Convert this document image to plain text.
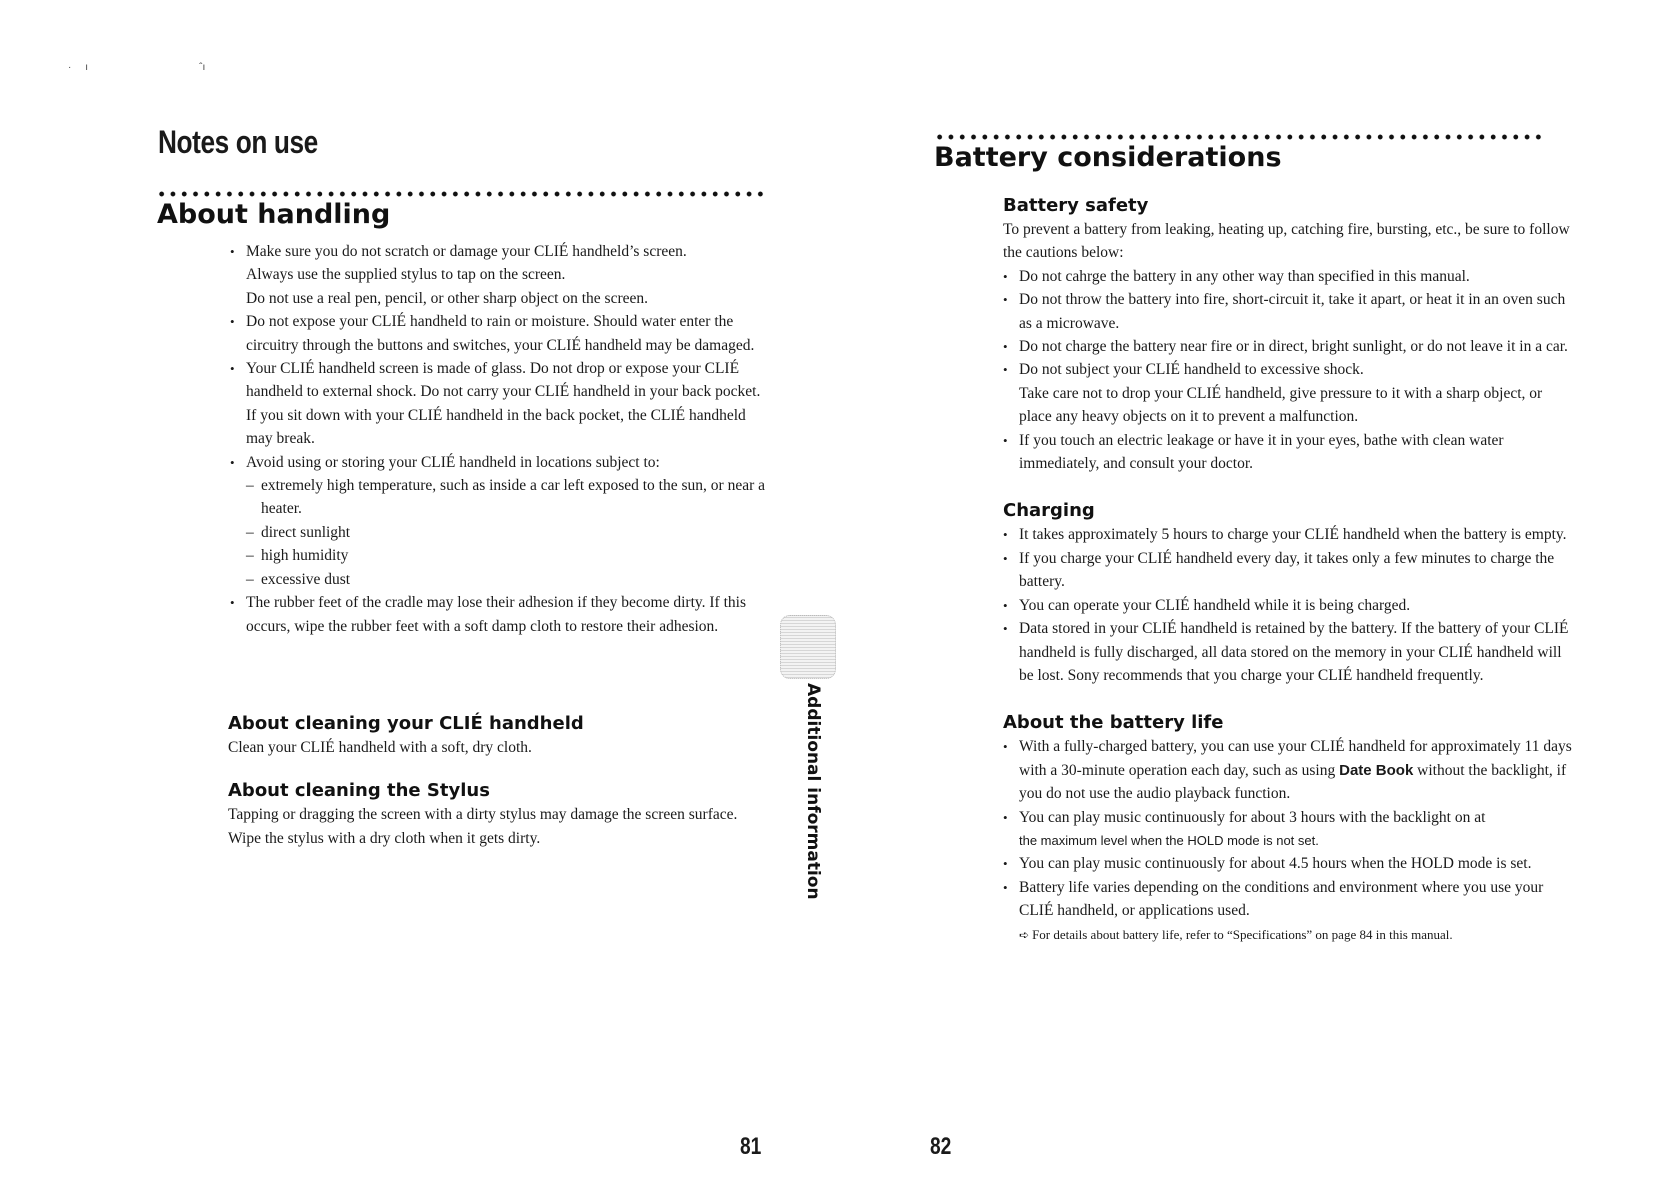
·     ı                                        ˆı
Notes on use
About handling
• Make sure you do not scratch or damage your CLIÉ handheld’s screen.
Always use the supplied stylus to tap on the screen.
Do not use a real pen, pencil, or other sharp object on the screen.
• Do not expose your CLIÉ handheld to rain or moisture. Should water enter the circuitry through the buttons and switches, your CLIÉ handheld may be damaged.
• Your CLIÉ handheld screen is made of glass. Do not drop or expose your CLIÉ handheld to external shock. Do not carry your CLIÉ handheld in your back pocket. If you sit down with your CLIÉ handheld in the back pocket, the CLIÉ handheld may break.
• Avoid using or storing your CLIÉ handheld in locations subject to:
– extremely high temperature, such as inside a car left exposed to the sun, or near a heater.
– direct sunlight
– high humidity
– excessive dust
• The rubber feet of the cradle may lose their adhesion if they become dirty. If this occurs, wipe the rubber feet with a soft damp cloth to restore their adhesion.
About cleaning your CLIÉ handheld

Clean your CLIÉ handheld with a soft, dry cloth.

About cleaning the Stylus

Tapping or dragging the screen with a dirty stylus may damage the screen surface.

Wipe the stylus with a dry cloth when it gets dirty.	Additional information

81

Battery considerations
Battery safety

To prevent a battery from leaking, heating up, catching fire, bursting, etc., be sure to follow the cautions below:

• Do not cahrge the battery in any other way than specified in this manual.
• Do not throw the battery into fire, short-circuit it, take it apart, or heat it in an oven such as a microwave.
• Do not charge the battery near fire or in direct, bright sunlight, or do not leave it in a car.
• Do not subject your CLIÉ handheld to excessive shock.
Take care not to drop your CLIÉ handheld, give pressure to it with a sharp object, or place any heavy objects on it to prevent a malfunction.
• If you touch an electric leakage or have it in your eyes, bathe with clean water immediately, and consult your doctor.
Charging
• It takes approximately 5 hours to charge your CLIÉ handheld when the battery is empty.
• If you charge your CLIÉ handheld every day, it takes only a few minutes to charge the battery.
• You can operate your CLIÉ handheld while it is being charged.
• Data stored in your CLIÉ handheld is retained by the battery. If the battery of your CLIÉ handheld is fully discharged, all data stored on the memory in your CLIÉ handheld will be lost. Sony recommends that you charge your CLIÉ handheld frequently.
About the battery life
• With a fully-charged battery, you can use your CLIÉ handheld for approximately 11 days with a 30-minute operation each day, such as using Date Book without the backlight, if you do not use the audio playback function.
• You can play music continuously for about 3 hours with the backlight on at
the maximum level when the HOLD mode is not set.
• You can play music continuously for about 4.5 hours when the HOLD mode is set.
• Battery life varies depending on the conditions and environment where you use your CLIÉ handheld, or applications used.

➪ For details about battery life, refer to “Specifications” on page 84 in this manual.

82
